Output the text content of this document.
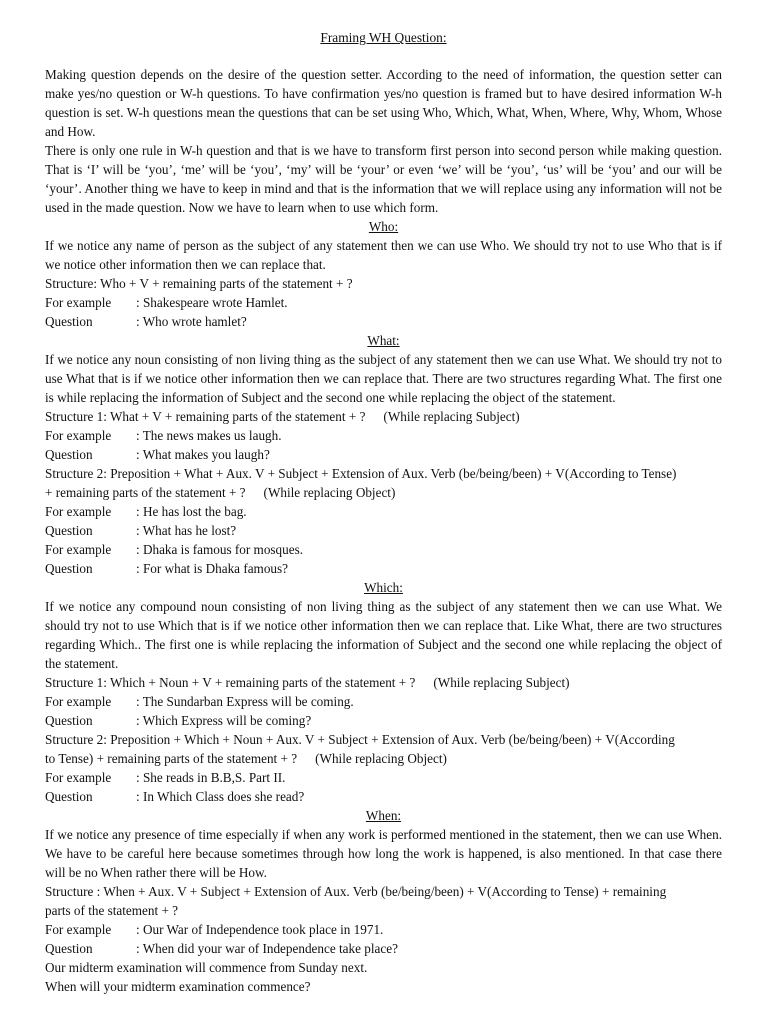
Framing WH Question:

Making question depends on the desire of the question setter. According to the need of information, the question setter can make yes/no question or W-h questions. To have confirmation yes/no question is framed but to have desired information W-h question is set. W-h questions mean the questions that can be set using Who, Which, What, When, Where, Why, Whom, Whose and How.

There is only one rule in W-h question and that is we have to transform first person into second person while making question. That is ‘I’ will be ‘you’, ‘me’ will be ‘you’, ‘my’ will be ‘your’ or even ‘we’ will be ‘you’, ‘us’ will be ‘you’ and our will be ‘your’. Another thing we have to keep in mind and that is the information that we will replace using any information will not be used in the made question. Now we have to learn when to use which form.

Who:

If we notice any name of person as the subject of any statement then we can use Who. We should try not to use Who that is if we notice other information then we can replace that.

Structure: Who + V + remaining parts of the statement + ?
For example	: Shakespeare wrote Hamlet.
Question	: Who wrote hamlet?
What:

If we notice any noun consisting of non living thing as the subject of any statement then we can use What. We should try not to use What that is if we notice other information then we can replace that. There are two structures regarding What. The first one is while replacing the information of Subject and the second one while replacing the object of the statement.

Structure 1: What + V + remaining parts of the statement + ? (While replacing Subject)
For example	: The news makes us laugh.
Question	: What makes you laugh?
Structure 2: Preposition + What + Aux. V + Subject + Extension of Aux. Verb (be/being/been) + V(According to Tense)
+ remaining parts of the statement + ? (While replacing Object)
For example	: He has lost the bag.
Question	: What has he lost?
For example	: Dhaka is famous for mosques.
Question	: For what is Dhaka famous?
Which:

If we notice any compound noun consisting of non living thing as the subject of any statement then we can use What. We should try not to use Which that is if we notice other information then we can replace that. Like What, there are two structures regarding Which.. The first one is while replacing the information of Subject and the second one while replacing the object of the statement.

Structure 1: Which + Noun + V + remaining parts of the statement + ? (While replacing Subject)
For example	: The Sundarban Express will be coming.
Question	: Which Express will be coming?
Structure 2: Preposition + Which + Noun + Aux. V + Subject + Extension of Aux. Verb (be/being/been) + V(According
to Tense) + remaining parts of the statement + ? (While replacing Object)
For example	: She reads in B.B,S. Part II.
Question	: In Which Class does she read?
When:

If we notice any presence of time especially if when any work is performed mentioned in the statement, then we can use When. We have to be careful here because sometimes through how long the work is happened, is also mentioned. In that case there will be no When rather there will be How.

Structure : When + Aux. V + Subject + Extension of Aux. Verb (be/being/been) + V(According to Tense) + remaining
parts of the statement + ?
For example	: Our War of Independence took place in 1971.
Question	: When did your war of Independence take place?
Our midterm examination will commence from Sunday next.
When will your midterm examination commence?
